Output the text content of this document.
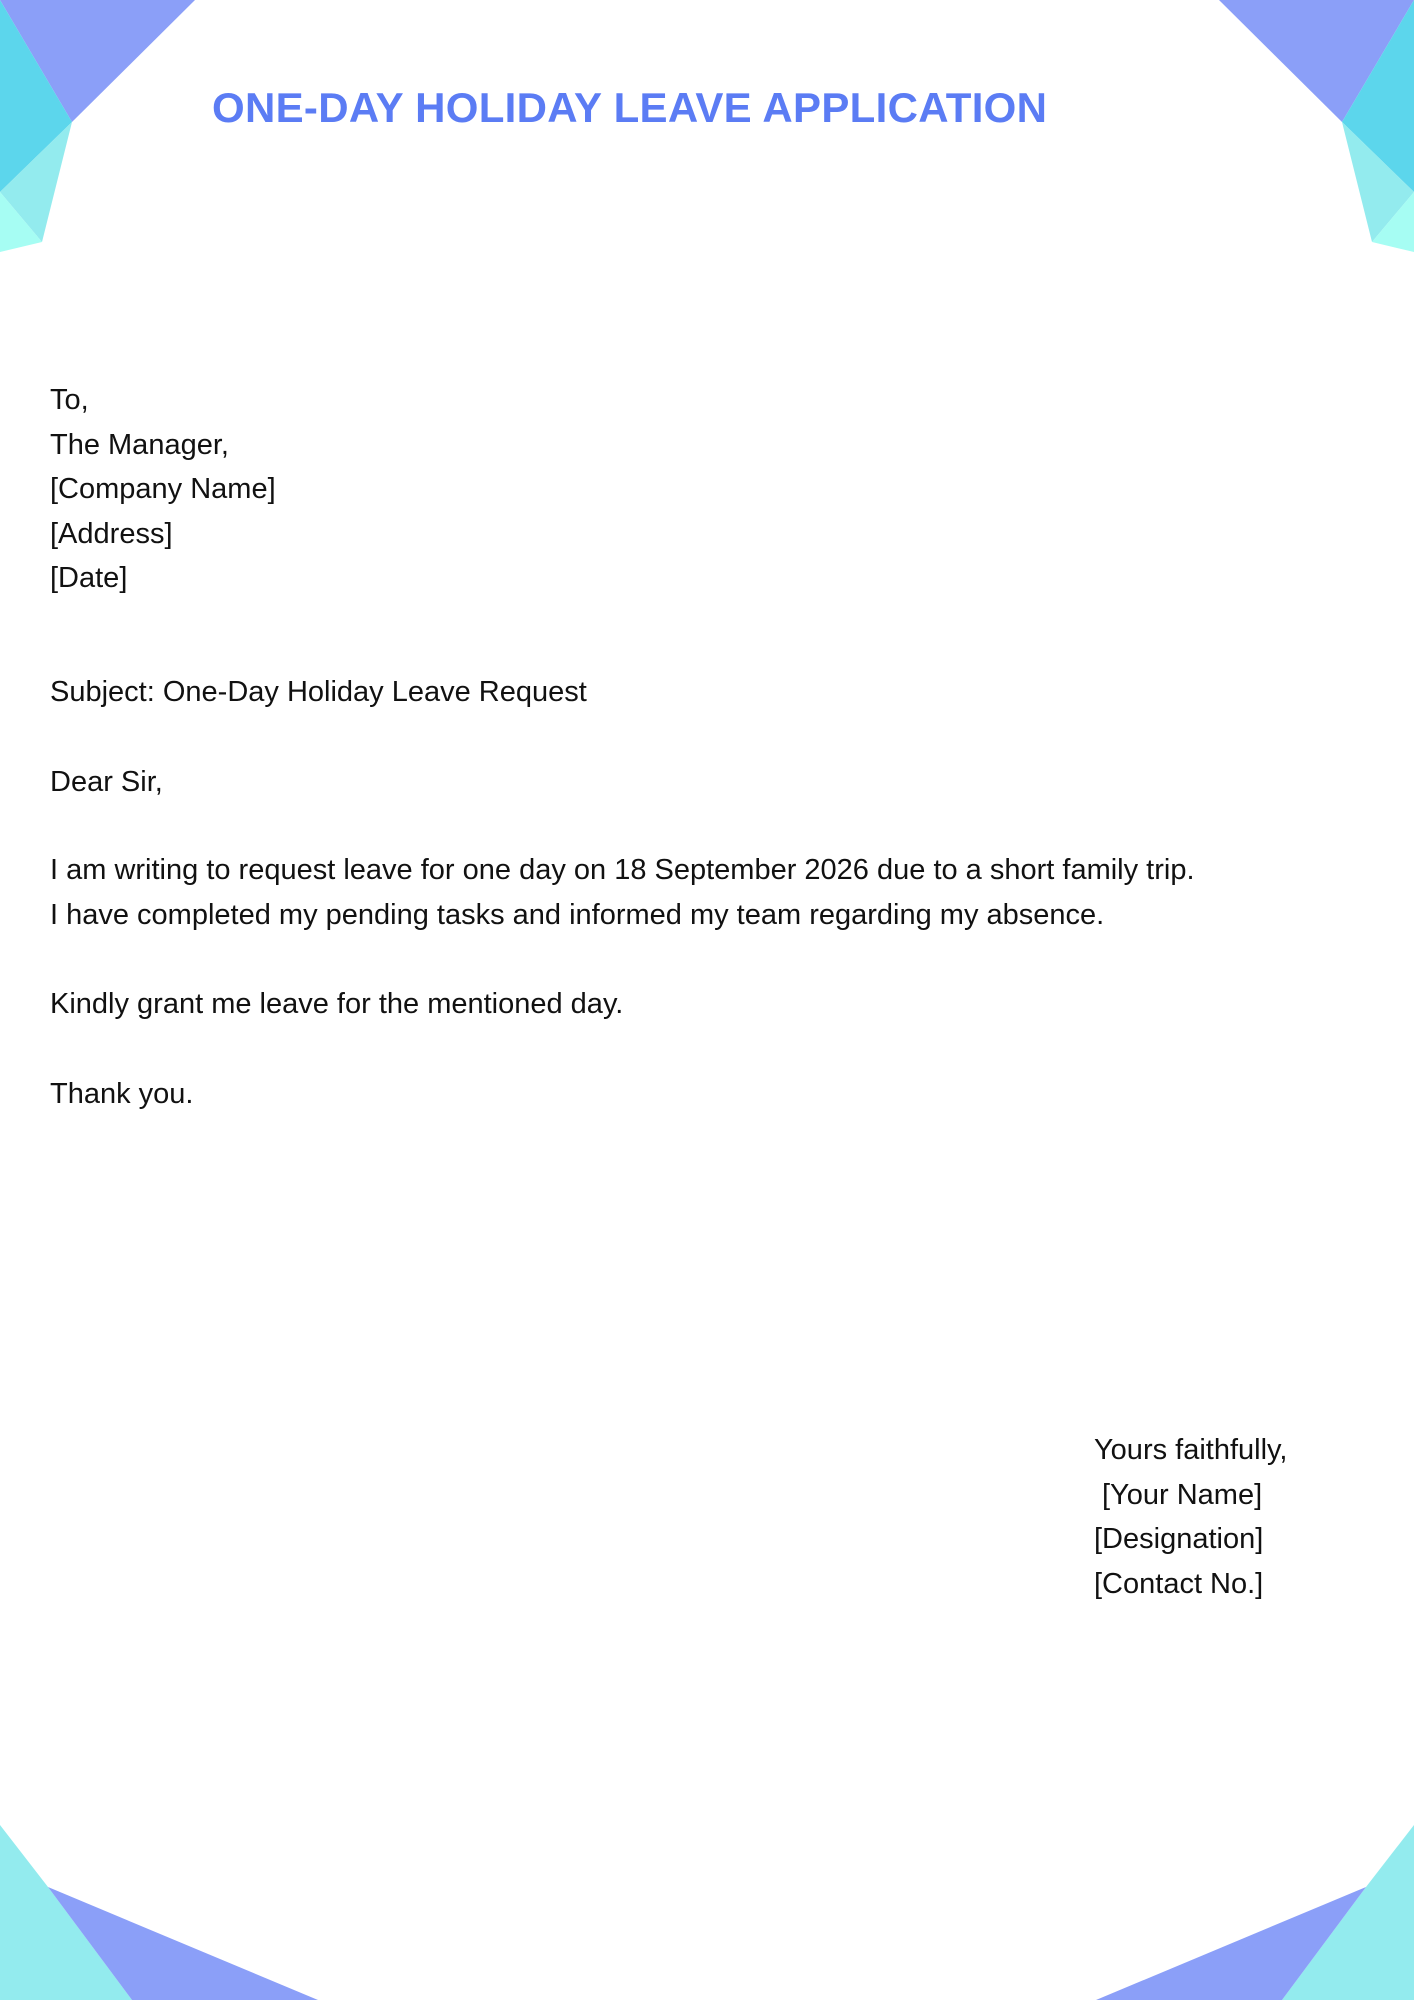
ONE-DAY HOLIDAY LEAVE APPLICATION
To,
The Manager,
[Company Name]
[Address]
[Date]
Subject: One-Day Holiday Leave Request
Dear Sir,
I am writing to request leave for one day on 18 September 2026 due to a short family trip.
I have completed my pending tasks and informed my team regarding my absence.
Kindly grant me leave for the mentioned day.
Thank you.
Yours faithfully,
[Your Name]
[Designation]
[Contact No.]
